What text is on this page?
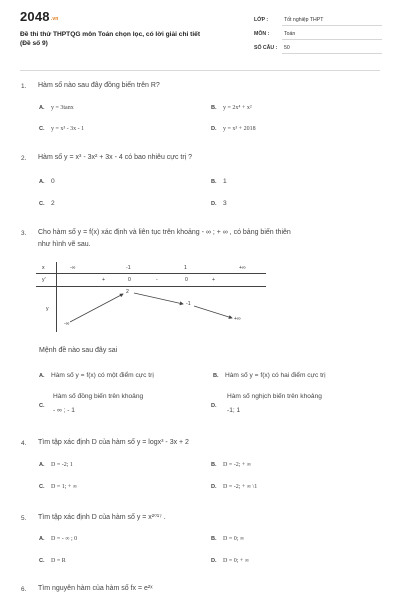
$2048_{.vn}$
Đề thi thử THPTQG môn Toán chọn lọc, có lời giải chi tiết
(Đề số 9)
LỚP :	Tốt nghiệp THPT
MÔN :	Toán
SỐ CÂU :	50
1. Hàm số nào sau đây đồng biến trên R?
A. y = 3tanx	B. y = 2x⁴ + x²
C. y = x³ - 3x - 1	D. y = x³ + 2018
2. Hàm số y = x³ - 3x² + 3x - 4 có bao nhiêu cực trị ?
A. 0	B. 1
C. 2	D. 3
3. Cho hàm số y = f(x) xác định và liên tục trên khoảng - ∞ ; + ∞ , có bảng biến thiên
như hình vẽ sau.
x	-∞	-1	1	+∞
y'	+	0	-	0	+
y
-∞
2
-1
+∞
Mệnh đề nào sau đây sai
A. Hàm số y = f(x) có một điểm cực trị	B. Hàm số y = f(x) có hai điểm cực trị
C.
Hàm số đồng biến trên khoảng
- ∞ ; - 1
D.
Hàm số nghịch biến trên khoảng
-1; 1
4. Tìm tập xác định D của hàm số y = logx³ - 3x + 2
A. D = -2; 1	B. D = -2; + ∞
C. D = 1; + ∞	D. D = -2; + ∞ \1
5. Tìm tập xác định D của hàm số y = x²⁰¹⁷ .
A. D = - ∞ ; 0	B. D = 0; ∞
C. D = R	D. D = 0; + ∞
6. Tìm nguyên hàm của hàm số fx = e²ˣ
